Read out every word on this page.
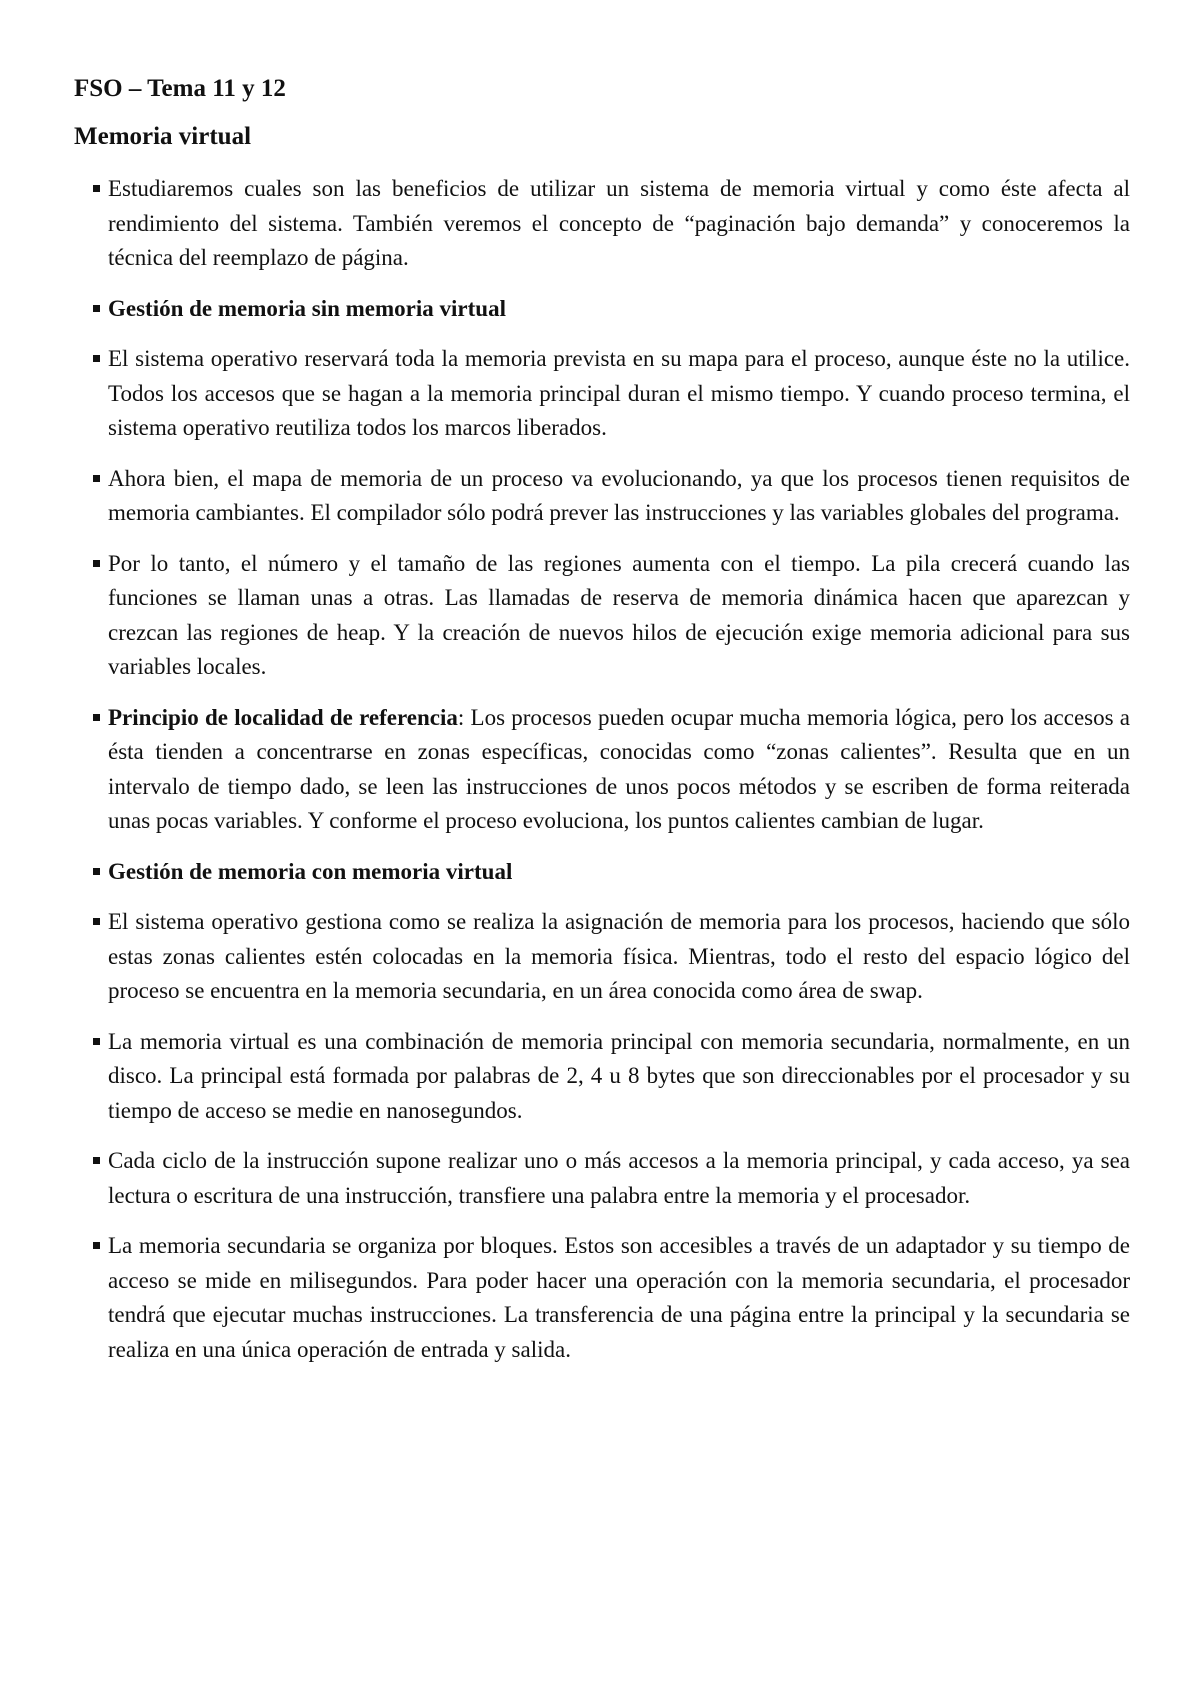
FSO – Tema 11 y 12
Memoria virtual
Estudiaremos cuales son las beneficios de utilizar un sistema de memoria virtual y como éste afecta al rendimiento del sistema. También veremos el concepto de “paginación bajo demanda” y conoceremos la técnica del reemplazo de página.
Gestión de memoria sin memoria virtual
El sistema operativo reservará toda la memoria prevista en su mapa para el proceso, aunque éste no la utilice. Todos los accesos que se hagan a la memoria principal duran el mismo tiempo. Y cuando proceso termina, el sistema operativo reutiliza todos los marcos liberados.
Ahora bien, el mapa de memoria de un proceso va evolucionando, ya que los procesos tienen requisitos de memoria cambiantes. El compilador sólo podrá prever las instrucciones y las variables globales del programa.
Por lo tanto, el número y el tamaño de las regiones aumenta con el tiempo. La pila crecerá cuando las funciones se llaman unas a otras. Las llamadas de reserva de memoria dinámica hacen que aparezcan y crezcan las regiones de heap. Y la creación de nuevos hilos de ejecución exige memoria adicional para sus variables locales.
Principio de localidad de referencia: Los procesos pueden ocupar mucha memoria lógica, pero los accesos a ésta tienden a concentrarse en zonas específicas, conocidas como “zonas calientes”. Resulta que en un intervalo de tiempo dado, se leen las instrucciones de unos pocos métodos y se escriben de forma reiterada unas pocas variables. Y conforme el proceso evoluciona, los puntos calientes cambian de lugar.
Gestión de memoria con memoria virtual
El sistema operativo gestiona como se realiza la asignación de memoria para los procesos, haciendo que sólo estas zonas calientes estén colocadas en la memoria física. Mientras, todo el resto del espacio lógico del proceso se encuentra en la memoria secundaria, en un área conocida como área de swap.
La memoria virtual es una combinación de memoria principal con memoria secundaria, normalmente, en un disco. La principal está formada por palabras de 2, 4 u 8 bytes que son direccionables por el procesador y su tiempo de acceso se medie en nanosegundos.
Cada ciclo de la instrucción supone realizar uno o más accesos a la memoria principal, y cada acceso, ya sea lectura o escritura de una instrucción, transfiere una palabra entre la memoria y el procesador.
La memoria secundaria se organiza por bloques. Estos son accesibles a través de un adaptador y su tiempo de acceso se mide en milisegundos. Para poder hacer una operación con la memoria secundaria, el procesador tendrá que ejecutar muchas instrucciones. La transferencia de una página entre la principal y la secundaria se realiza en una única operación de entrada y salida.
